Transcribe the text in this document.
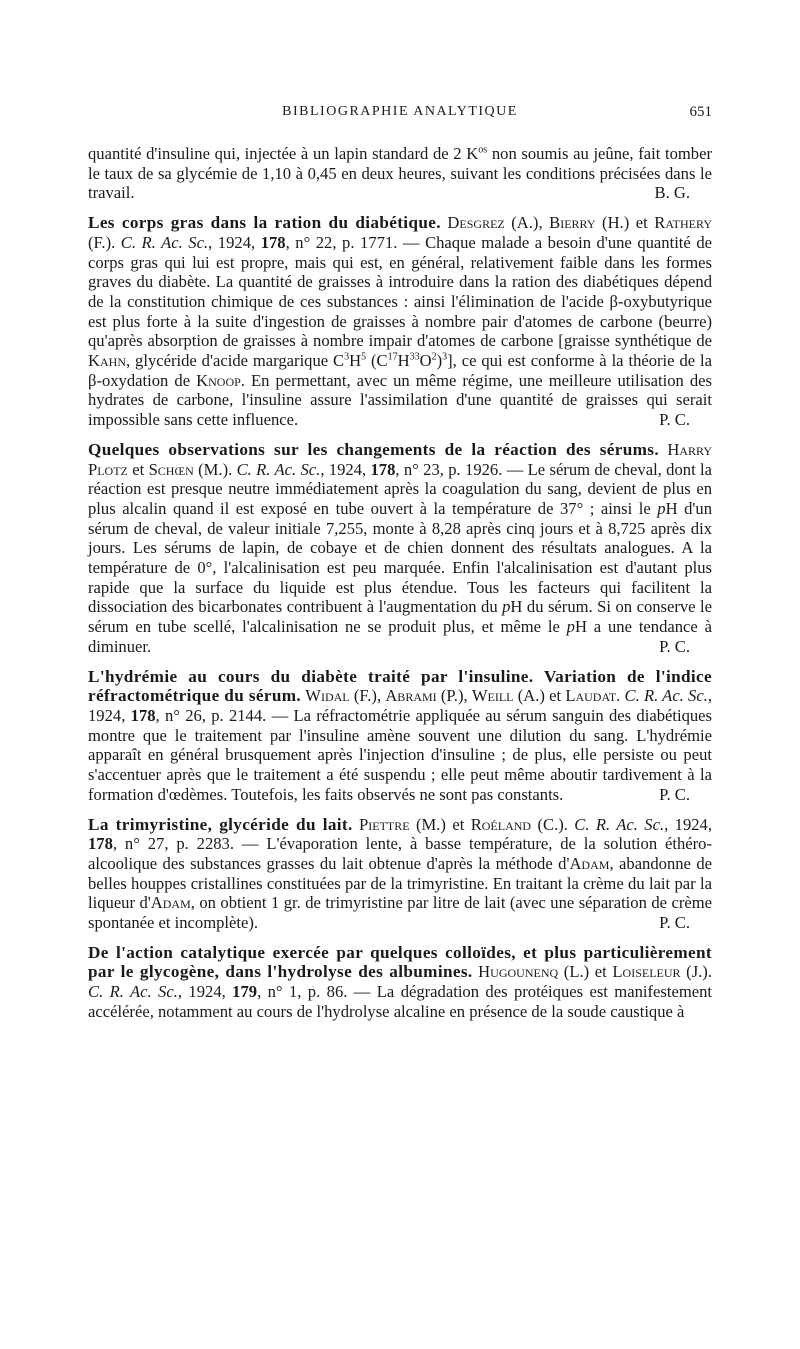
BIBLIOGRAPHIE ANALYTIQUE	651

quantité d'insuline qui, injectée à un lapin standard de 2 $K^{os}$ non soumis au jeûne, fait tomber le taux de sa glycémie de 1,10 à 0,45 en deux heures, suivant les conditions précisées dans le travail.	B. G.

Les corps gras dans la ration du diabétique. Desgrez (A.), Bierry (H.) et Rathery (F.). C. R. Ac. Sc., 1924, 178, n° 22, p. 1771. — Chaque malade a besoin d'une quantité de corps gras qui lui est propre, mais qui est, en général, relativement faible dans les formes graves du diabète. La quantité de graisses à introduire dans la ration des diabétiques dépend de la constitution chimique de ces substances : ainsi l'élimination de l'acide β-oxybutyrique est plus forte à la suite d'ingestion de graisses à nombre pair d'atomes de carbone (beurre) qu'après absorption de graisses à nombre impair d'atomes de carbone [graisse synthétique de Kahn, glycéride d'acide margarique $C^3H^5$ $(C^{17}H^{33}O^2)^3$], ce qui est conforme à la théorie de la β-oxydation de Knoop. En permettant, avec un même régime, une meilleure utilisation des hydrates de carbone, l'insuline assure l'assimilation d'une quantité de graisses qui serait impossible sans cette influence.	P. C.

Quelques observations sur les changements de la réaction des sérums. Harry Plotz et Schœn (M.). C. R. Ac. Sc., 1924, 178, n° 23, p. 1926. — Le sérum de cheval, dont la réaction est presque neutre immédiatement après la coagulation du sang, devient de plus en plus alcalin quand il est exposé en tube ouvert à la température de 37° ; ainsi le pH d'un sérum de cheval, de valeur initiale 7,255, monte à 8,28 après cinq jours et à 8,725 après dix jours. Les sérums de lapin, de cobaye et de chien donnent des résultats analogues. A la température de 0°, l'alcalinisation est peu marquée. Enfin l'alcalinisation est d'autant plus rapide que la surface du liquide est plus étendue. Tous les facteurs qui facilitent la dissociation des bicarbonates contribuent à l'augmentation du pH du sérum. Si on conserve le sérum en tube scellé, l'alcalinisation ne se produit plus, et même le pH a une tendance à diminuer.	P. C.

L'hydrémie au cours du diabète traité par l'insuline. Variation de l'indice réfractométrique du sérum. Widal (F.), Abrami (P.), Weill (A.) et Laudat. C. R. Ac. Sc., 1924, 178, n° 26, p. 2144. — La réfractométrie appliquée au sérum sanguin des diabétiques montre que le traitement par l'insuline amène souvent une dilution du sang. L'hydrémie apparaît en général brusquement après l'injection d'insuline ; de plus, elle persiste ou peut s'accentuer après que le traitement a été suspendu ; elle peut même aboutir tardivement à la formation d'œdèmes. Toutefois, les faits observés ne sont pas constants.	P. C.

La trimyristine, glycéride du lait. Piettre (M.) et Roéland (C.). C. R. Ac. Sc., 1924, 178, n° 27, p. 2283. — L'évaporation lente, à basse température, de la solution éthéro-alcoolique des substances grasses du lait obtenue d'après la méthode d'Adam, abandonne de belles houppes cristallines constituées par de la trimyristine. En traitant la crème du lait par la liqueur d'Adam, on obtient 1 gr. de trimyristine par litre de lait (avec une séparation de crème spontanée et incomplète).	P. C.

De l'action catalytique exercée par quelques colloïdes, et plus particulièrement par le glycogène, dans l'hydrolyse des albumines. Hugounenq (L.) et Loiseleur (J.). C. R. Ac. Sc., 1924, 179, n° 1, p. 86. — La dégradation des protéiques est manifestement accélérée, notamment au cours de l'hydrolyse alcaline en présence de la soude caustique à
